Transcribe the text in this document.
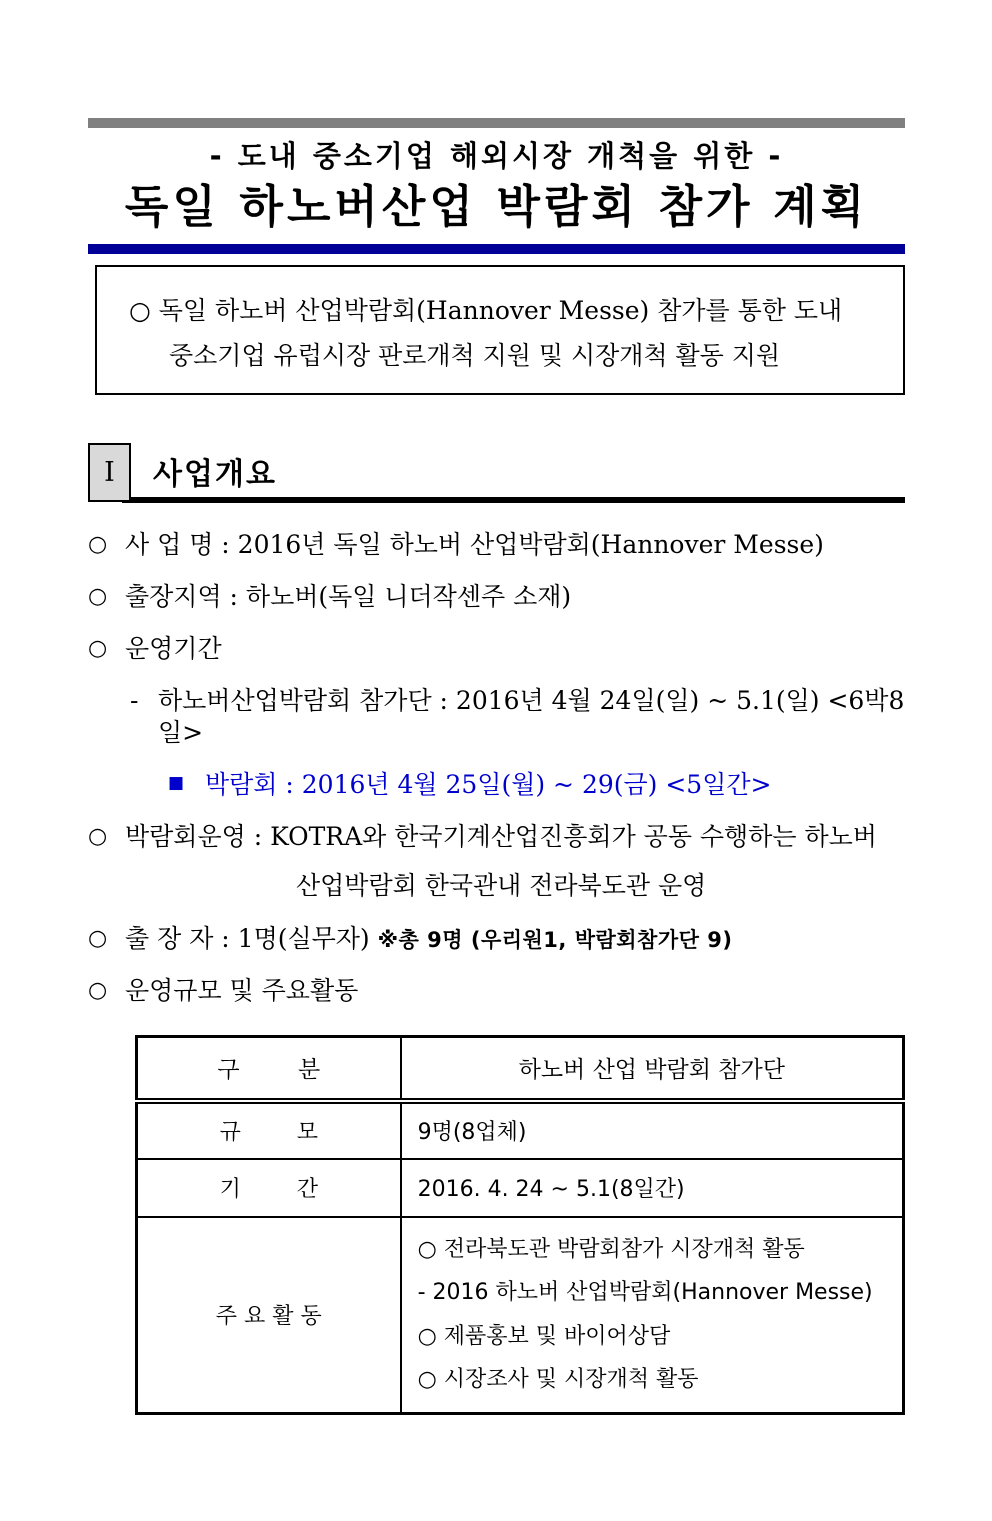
- 도내 중소기업 해외시장 개척을 위한 -
독일 하노버산업 박람회 참가 계획
○ 독일 하노버 산업박람회(Hannover Messe) 참가를 통한 도내
중소기업 유럽시장 판로개척 지원 및 시장개척 활동 지원
Ⅰ	사업개요
○ 사 업 명 : 2016년 독일 하노버 산업박람회(Hannover Messe)
○ 출장지역 : 하노버(독일 니더작센주 소재)
○ 운영기간
- 하노버산업박람회 참가단 : 2016년 4월 24일(일) ~ 5.1(일) <6박8일>
■ 박람회 : 2016년 4월 25일(월) ~ 29(금) <5일간>
○ 박람회운영 : KOTRA와 한국기계산업진흥회가 공동 수행하는 하노버
산업박람회 한국관내 전라북도관 운영
○ 출 장 자 : 1명(실무자) ※총 9명 (우리원1, 박람회참가단 9)
○ 운영규모 및 주요활동
구        분	하노버 산업 박람회 참가단
규        모	9명(8업체)
기        간	2016. 4. 24 ~ 5.1(8일간)
주 요 활 동	○ 전라북도관 박람회참가 시장개척 활동
- 2016 하노버 산업박람회(Hannover Messe)
○ 제품홍보 및 바이어상담
○ 시장조사 및 시장개척 활동
